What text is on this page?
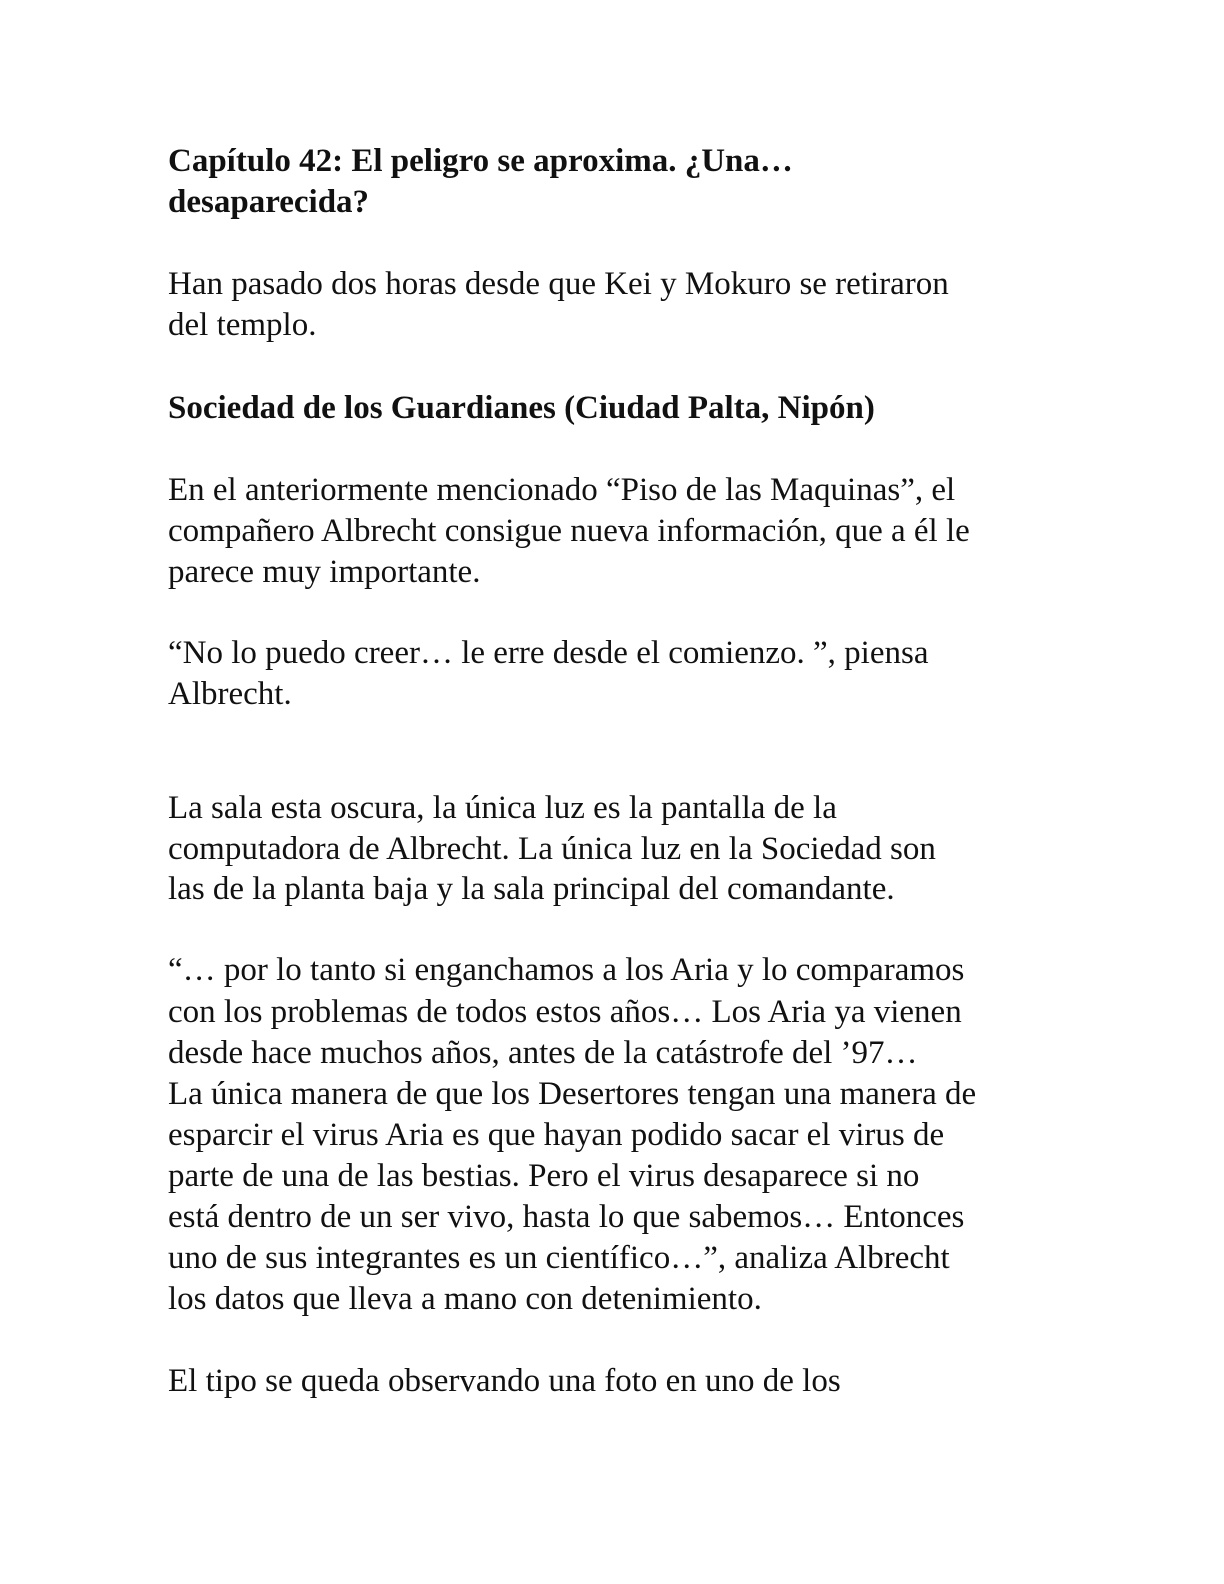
Capítulo 42: El peligro se aproxima. ¿Una…

desaparecida?

Han pasado dos horas desde que Kei y Mokuro se retiraron

del templo.

Sociedad de los Guardianes (Ciudad Palta, Nipón)

En el anteriormente mencionado “Piso de las Maquinas”, el

compañero Albrecht consigue nueva información, que a él le

parece muy importante.

“No lo puedo creer… le erre desde el comienzo. ”, piensa

Albrecht.

La sala esta oscura, la única luz es la pantalla de la

computadora de Albrecht. La única luz en la Sociedad son

las de la planta baja y la sala principal del comandante.

“… por lo tanto si enganchamos a los Aria y lo comparamos

con los problemas de todos estos años… Los Aria ya vienen

desde hace muchos años, antes de la catástrofe del ’97…

La única manera de que los Desertores tengan una manera de

esparcir el virus Aria es que hayan podido sacar el virus de

parte de una de las bestias. Pero el virus desaparece si no

está dentro de un ser vivo, hasta lo que sabemos… Entonces

uno de sus integrantes es un científico…”, analiza Albrecht

los datos que lleva a mano con detenimiento.

El tipo se queda observando una foto en uno de los
